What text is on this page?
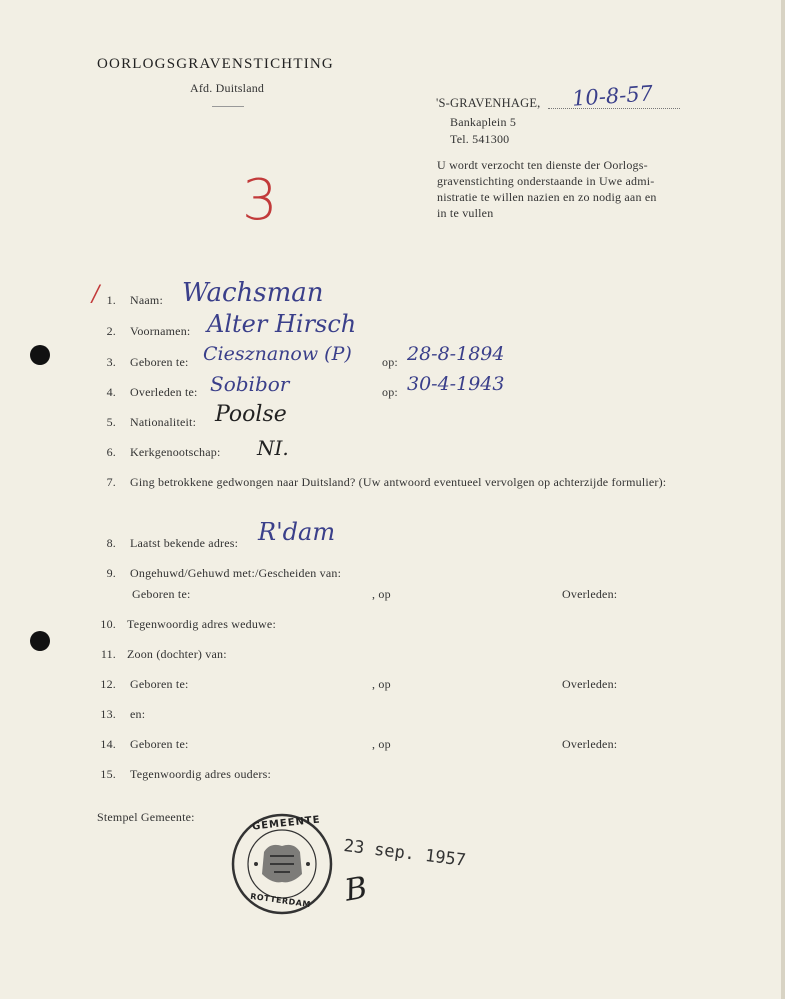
OORLOGSGRAVENSTICHTING
Afd. Duitsland
'S-GRAVENHAGE, 10-8-57
Bankaplein 5
Tel. 541300
U wordt verzocht ten dienste der Oorlogs-
gravenstichting onderstaande in Uwe admi-
nistratie te willen nazien en zo nodig aan en
in te vullen
3
/ 1. Naam: Wachsman
2. Voornamen: Alter Hirsch
3. Geboren te: Ciesznanow (P)	op: 28-8-1894
4. Overleden te: Sobibor	op: 30-4-1943
5. Nationaliteit: Poolse
6. Kerkgenootschap: NI.
7. Ging betrokkene gedwongen naar Duitsland? (Uw antwoord eventueel vervolgen op achterzijde formulier):
8. Laatst bekende adres: R'dam
9. Ongehuwd/Gehuwd met:/Gescheiden van:
Geboren te:	, op	Overleden:
10. Tegenwoordig adres weduwe:
11. Zoon (dochter) van:
12. Geboren te:	, op	Overleden:
13. en:
14. Geboren te:	, op	Overleden:
15. Tegenwoordig adres ouders:
Stempel Gemeente:	GEMEENTE
ROTTERDAM
23 sep. 1957
B
